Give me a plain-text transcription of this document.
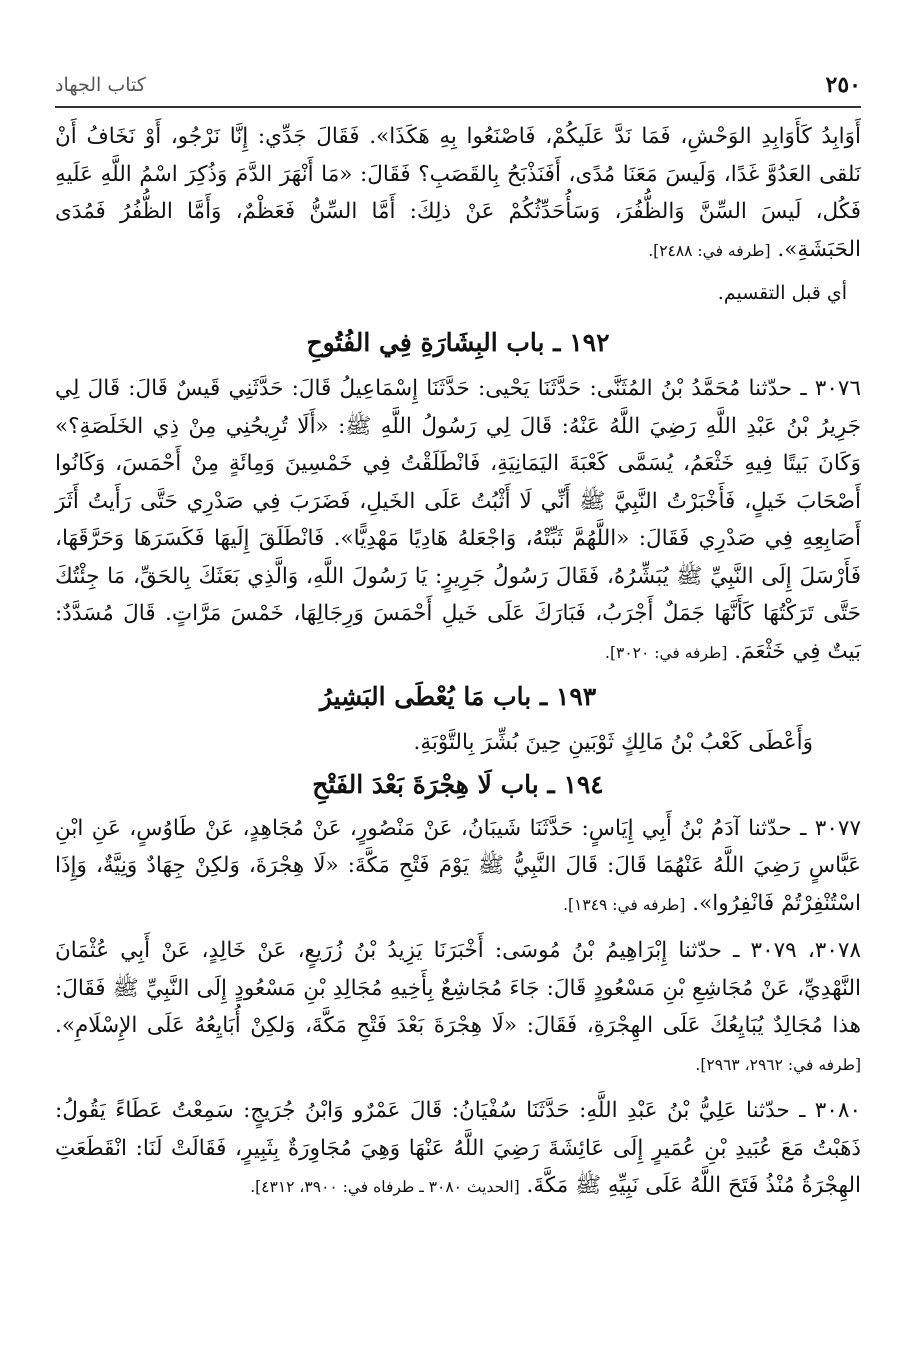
٢٥٠
كتاب الجهاد

أَوَابِدُ كَأَوَابِدِ الوَحْشِ، فَمَا نَدَّ عَلَيكُمْ، فَاصْنَعُوا بِهِ هَكَذَا». فَقَالَ جَدِّي: إِنَّا نَرْجُو، أَوْ نَخَافُ أَنْ نَلقى العَدُوَّ غَدًا، وَلَيسَ مَعَنَا مُدًى، أَفَنَذْبَحُ بِالقَصَبِ؟ فَقَالَ: «مَا أَنْهَرَ الدَّمَ وَذُكِرَ اسْمُ اللَّهِ عَلَيهِ فَكُل، لَيسَ السِّنَّ وَالظُّفُرَ، وَسَأُحَدِّثُكُمْ عَنْ ذلِكَ: أَمَّا السِّنُّ فَعَظْمٌ، وَأَمَّا الظُّفُرُ فَمُدَى الحَبَشَةِ». [طرفه في: ٢٤٨٨].

أي قبل التقسيم.
١٩٢ ـ باب البِشَارَةِ فِي الفُتُوحِ

٣٠٧٦ ـ حدّثنا مُحَمَّدُ بْنُ المُثَنَّى: حَدَّثَنَا يَحْيى: حَدَّثَنَا إِسْمَاعِيلُ قَالَ: حَدَّثَنِي قَيسٌ قَالَ: قَالَ لِي جَرِيرُ بْنُ عَبْدِ اللَّهِ رَضِيَ اللَّهُ عَنْهُ: قَالَ لِي رَسُولُ اللَّهِ ﷺ: «أَلَا تُرِيحُنِي مِنْ ذِي الخَلَصَةِ؟» وَكَانَ بَيتًا فِيهِ خَثْعَمُ، يُسَمَّى كَعْبَةَ اليَمَانِيَةِ، فَانْطَلَقْتُ فِي خَمْسِينَ وَمِائَةٍ مِنْ أَحْمَسَ، وَكَانُوا أَصْحَابَ خَيلٍ، فَأَخْبَرْتُ النَّبِيَّ ﷺ أَنِّي لَا أَثْبُتُ عَلَى الخَيلِ، فَضَرَبَ فِي صَدْرِي حَتَّى رَأَيتُ أَثَرَ أَصَابِعِهِ فِي صَدْرِي فَقَالَ: «اللَّهُمَّ ثَبِّتْهُ، وَاجْعَلهُ هَادِيًا مَهْدِيًّا». فَانْطَلَقَ إِلَيهَا فَكَسَرَهَا وَحَرَّقَهَا، فَأَرْسَلَ إِلَى النَّبِيِّ ﷺ يُبَشِّرُهُ، فَقَالَ رَسُولُ جَرِيرٍ: يَا رَسُولَ اللَّهِ، وَالَّذِي بَعَثَكَ بِالحَقِّ، مَا جِئْتُكَ حَتَّى تَرَكْتُهَا كَأَنَّهَا جَمَلٌ أَجْرَبُ، فَبَارَكَ عَلَى خَيلِ أَحْمَسَ وَرِجَالِهَا، خَمْسَ مَرَّاتٍ. قَالَ مُسَدَّدٌ: بَيتٌ فِي خَثْعَمَ. [طرفه في: ٣٠٢٠].

١٩٣ ـ باب مَا يُعْطَى البَشِيرُ

وَأَعْطَى كَعْبُ بْنُ مَالِكٍ ثَوْبَينِ حِينَ بُشِّرَ بِالتَّوْبَةِ.

١٩٤ ـ باب لَا هِجْرَةَ بَعْدَ الفَتْحِ

٣٠٧٧ ـ حدّثنا آدَمُ بْنُ أَبِي إِيَاسٍ: حَدَّثَنَا شَيبَانُ، عَنْ مَنْصُورٍ، عَنْ مُجَاهِدٍ، عَنْ طَاوُسٍ، عَنِ ابْنِ عَبَّاسٍ رَضِيَ اللَّهُ عَنْهُمَا قَالَ: قَالَ النَّبِيُّ ﷺ يَوْمَ فَتْحِ مَكَّةَ: «لَا هِجْرَةَ، وَلكِنْ جِهَادٌ وَنِيَّةٌ، وَإِذَا اسْتُنْفِرْتُمْ فَانْفِرُوا». [طرفه في: ١٣٤٩].

٣٠٧٨، ٣٠٧٩ ـ حدّثنا إِبْرَاهِيمُ بْنُ مُوسَى: أَخْبَرَنَا يَزِيدُ بْنُ زُرَيعٍ، عَنْ خَالِدٍ، عَنْ أَبِي عُثْمَانَ النَّهْدِيِّ، عَنْ مُجَاشِعِ بْنِ مَسْعُودٍ قَالَ: جَاءَ مُجَاشِعٌ بِأَخِيهِ مُجَالِدِ بْنِ مَسْعُودٍ إِلَى النَّبِيِّ ﷺ فَقَالَ: هذا مُجَالِدٌ يُبَايِعُكَ عَلَى الهِجْرَةِ، فَقَالَ: «لَا هِجْرَةَ بَعْدَ فَتْحِ مَكَّةَ، وَلكِنْ أُبَايِعُهُ عَلَى الإِسْلَامِ». [طرفه في: ٢٩٦٢، ٢٩٦٣].

٣٠٨٠ ـ حدّثنا عَلِيُّ بْنُ عَبْدِ اللَّهِ: حَدَّثَنَا سُفْيَانُ: قَالَ عَمْرٌو وَابْنُ جُرَيجٍ: سَمِعْتُ عَطَاءً يَقُولُ: ذَهَبْتُ مَعَ عُبَيدِ بْنِ عُمَيرٍ إِلَى عَائِشَةَ رَضِيَ اللَّهُ عَنْهَا وَهِيَ مُجَاوِرَةٌ بِثَبِيرٍ، فَقَالَتْ لَنَا: انْقَطَعَتِ الهِجْرَةُ مُنْذُ فَتَحَ اللَّهُ عَلَى نَبِيِّهِ ﷺ مَكَّةَ. [الحديث ٣٠٨٠ ـ طرفاه في: ٣٩٠٠، ٤٣١٢].
